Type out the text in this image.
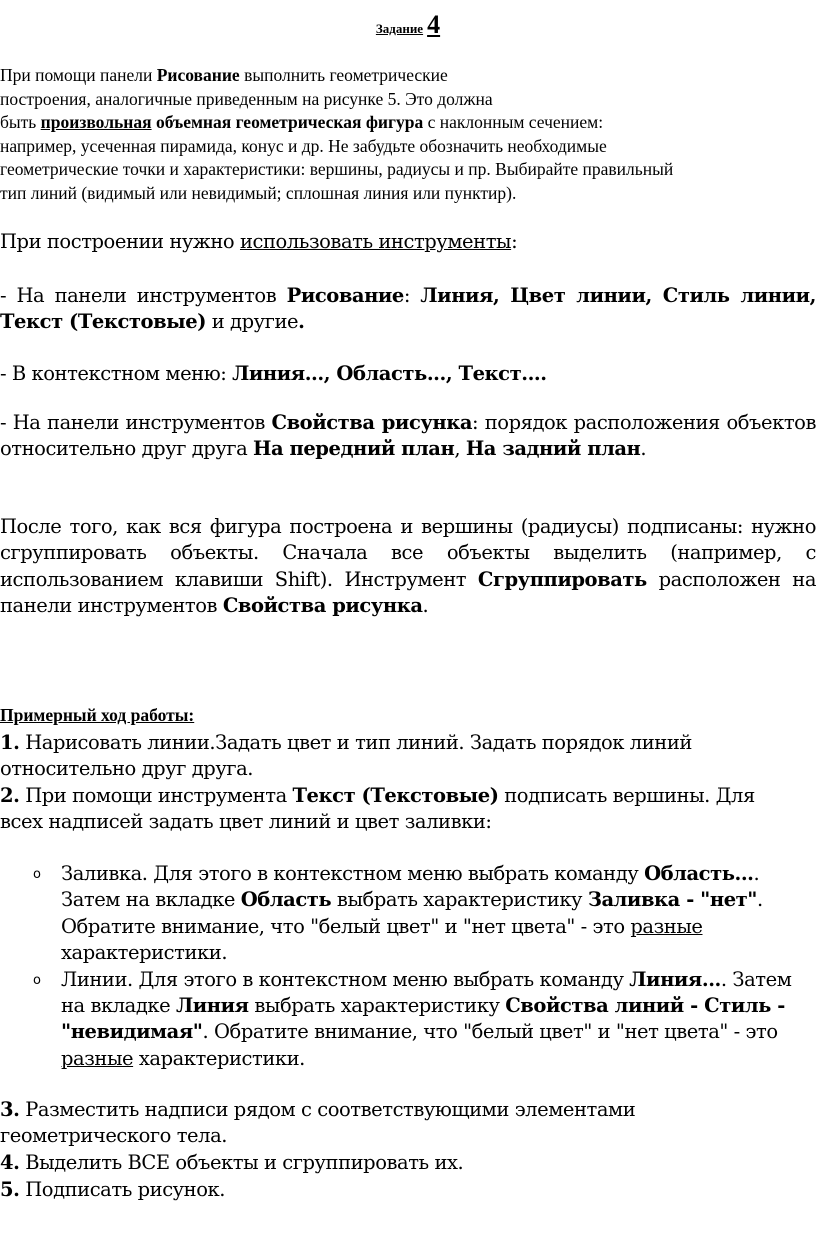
Задание 4
При помощи панели Рисование выполнить геометрические
построения, аналогичные приведенным на рисунке 5. Это должна
быть произвольная объемная геометрическая фигура с наклонным сечением:
например, усеченная пирамида, конус и др. Не забудьте обозначить необходимые
геометрические точки и характеристики: вершины, радиусы и пр. Выбирайте правильный
тип линий (видимый или невидимый; сплошная линия или пунктир).
При построении нужно использовать инструменты:
- На панели инструментов Рисование: Линия, Цвет линии, Стиль линии, Текст (Текстовые) и другие.
- В контекстном меню: Линия..., Область..., Текст....
- На панели инструментов Свойства рисунка: порядок расположения объектов относительно друг друга На передний план, На задний план.
После того, как вся фигура построена и вершины (радиусы) подписаны: нужно сгруппировать объекты. Сначала все объекты выделить (например, с использованием клавиши Shift). Инструмент Сгруппировать расположен на панели инструментов Свойства рисунка.
Примерный ход работы:
1. Нарисовать линии.Задать цвет и тип линий. Задать порядок линий относительно друг друга.
2. При помощи инструмента Текст (Текстовые) подписать вершины. Для всех надписей задать цвет линий и цвет заливки:
o Заливка. Для этого в контекстном меню выбрать команду Область.... Затем на вкладке Область выбрать характеристику Заливка - "нет". Обратите внимание, что "белый цвет" и "нет цвета" - это разные характеристики.
o Линии. Для этого в контекстном меню выбрать команду Линия.... Затем на вкладке Линия выбрать характеристику Свойства линий - Стиль - "невидимая". Обратите внимание, что "белый цвет" и "нет цвета" - это разные характеристики.
3. Разместить надписи рядом с соответствующими элементами геометрического тела.
4. Выделить ВСЕ объекты и сгруппировать их.
5. Подписать рисунок.
